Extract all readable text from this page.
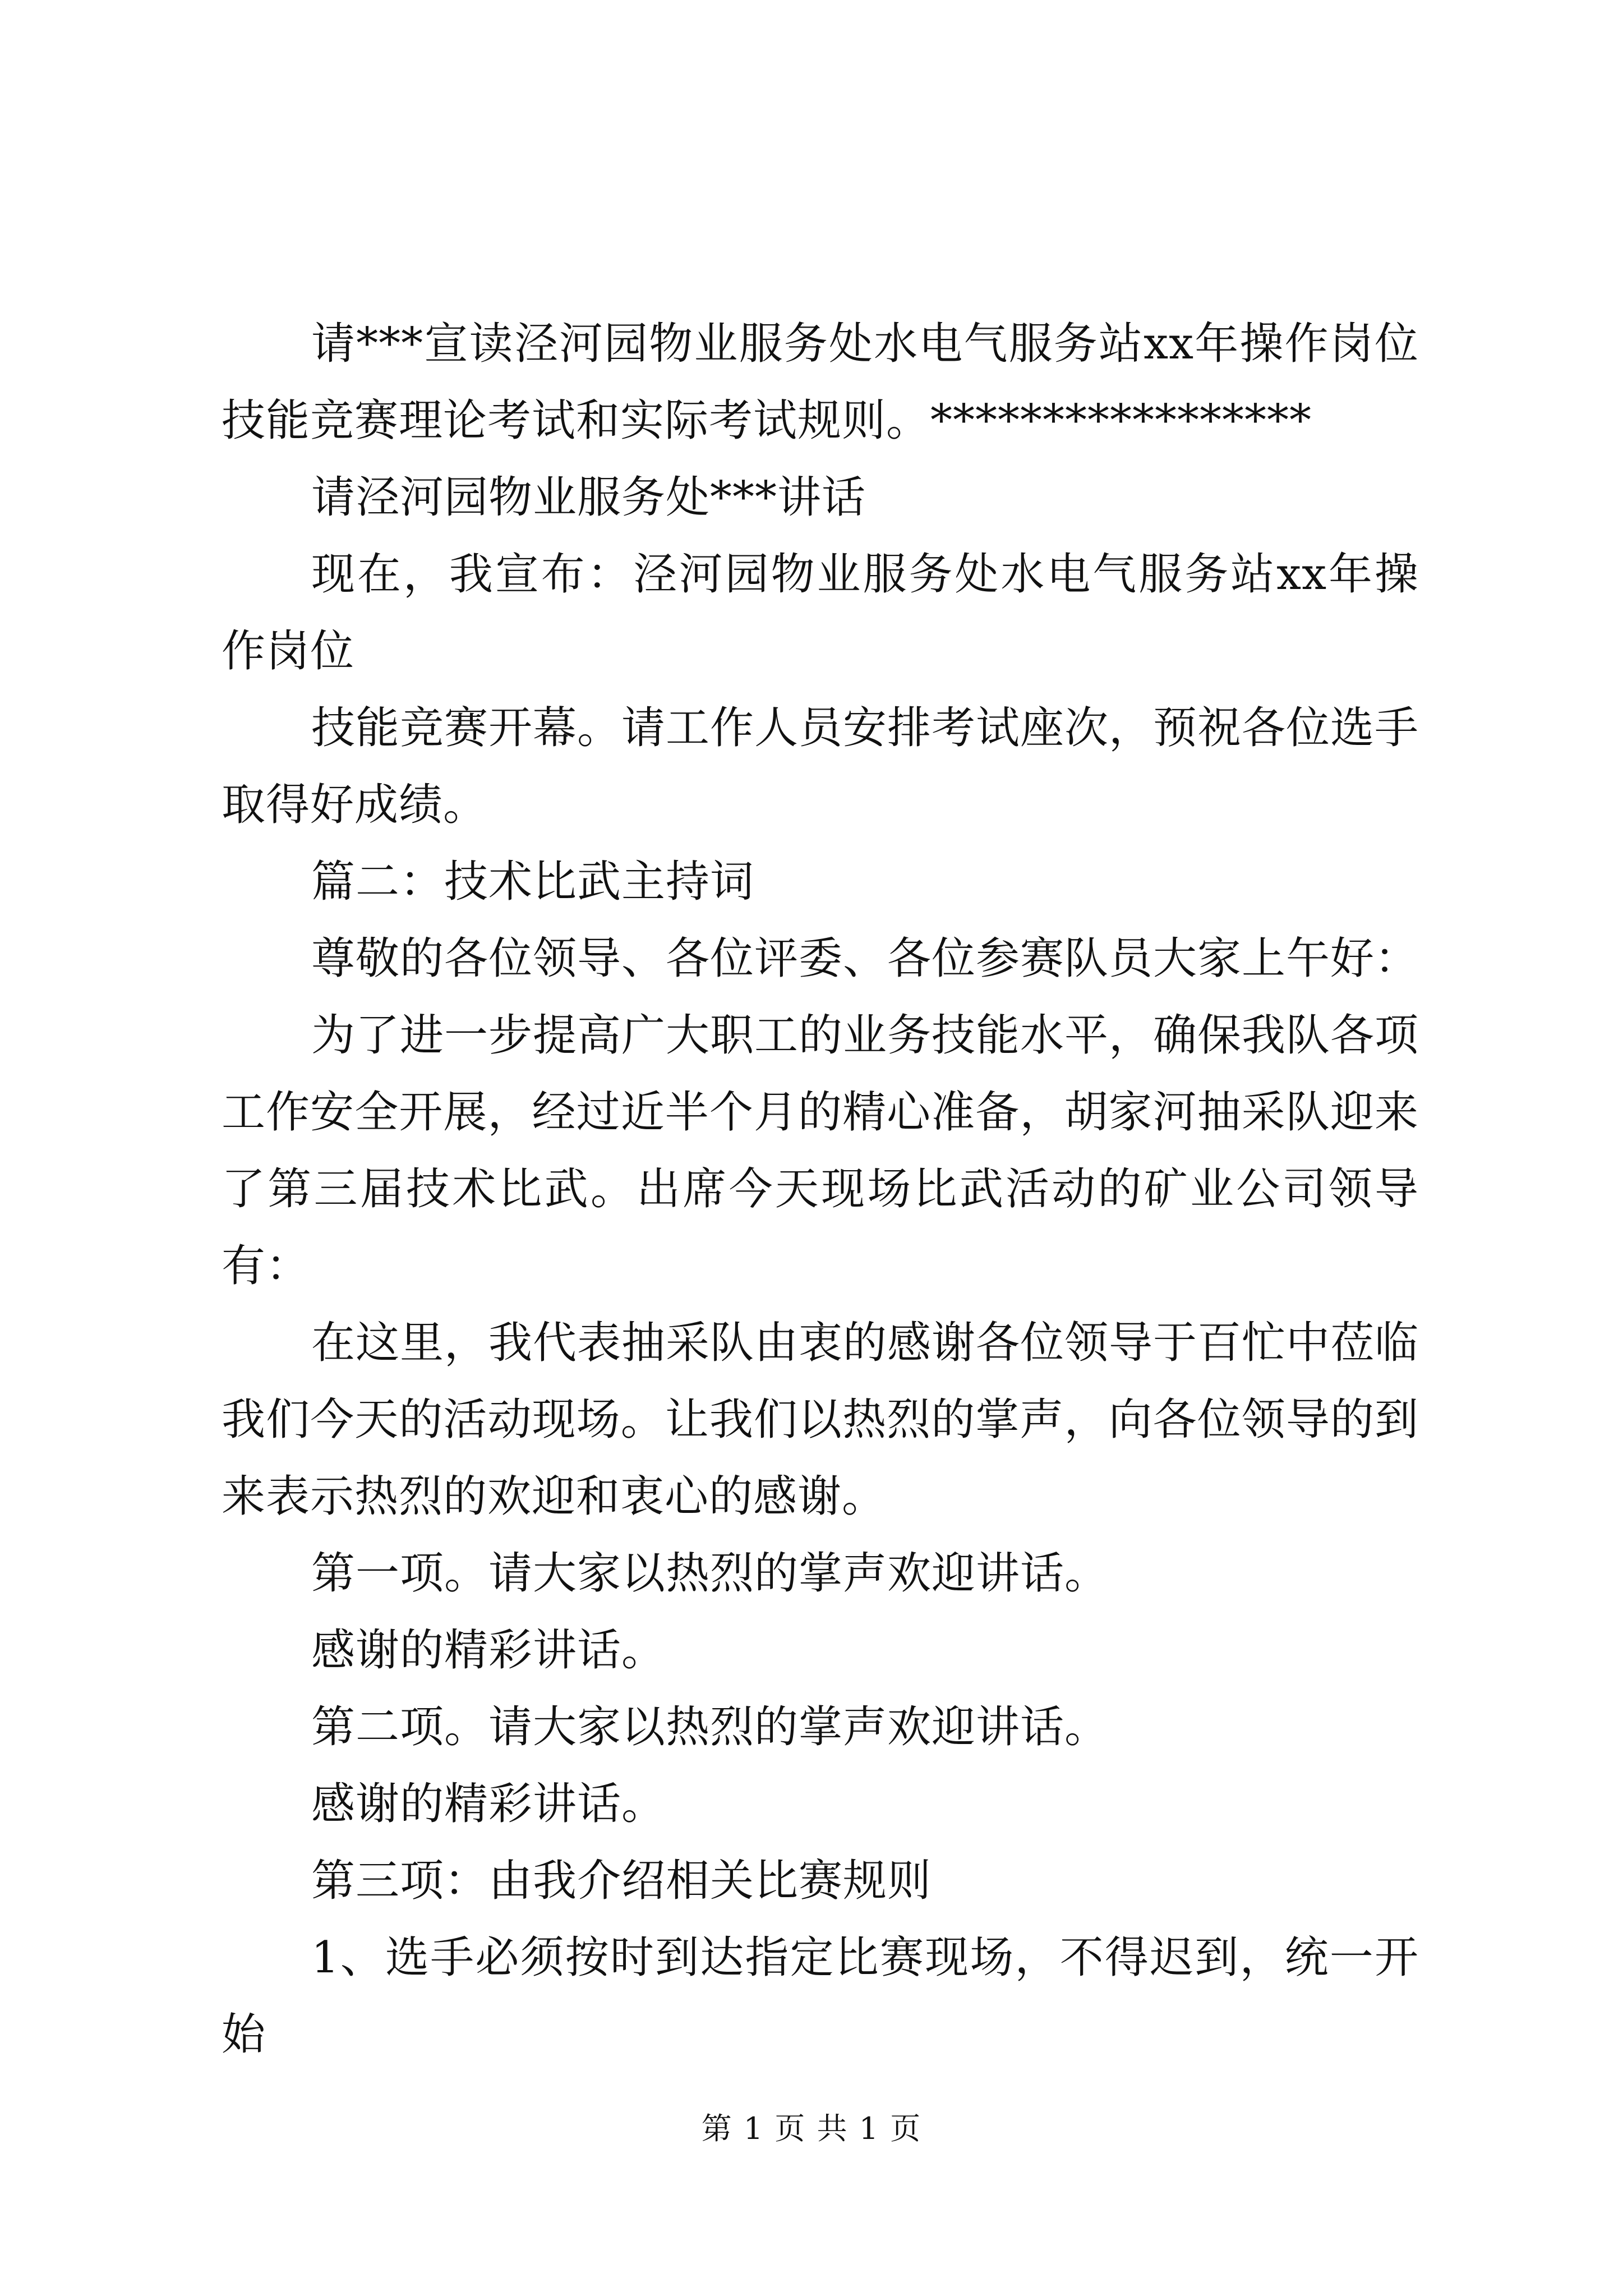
请***宣读泾河园物业服务处水电气服务站xx年操作岗位技能竞赛理论考试和实际考试规则。*****************

请泾河园物业服务处***讲话

现在，我宣布：泾河园物业服务处水电气服务站xx年操作岗位

技能竞赛开幕。请工作人员安排考试座次，预祝各位选手取得好成绩。

篇二：技术比武主持词

尊敬的各位领导、各位评委、各位参赛队员大家上午好：

为了进一步提高广大职工的业务技能水平，确保我队各项工作安全开展，经过近半个月的精心准备，胡家河抽采队迎来了第三届技术比武。出席今天现场比武活动的矿业公司领导有：

在这里，我代表抽采队由衷的感谢各位领导于百忙中莅临我们今天的活动现场。让我们以热烈的掌声，向各位领导的到来表示热烈的欢迎和衷心的感谢。

第一项。请大家以热烈的掌声欢迎讲话。

感谢的精彩讲话。

第二项。请大家以热烈的掌声欢迎讲话。

感谢的精彩讲话。

第三项：由我介绍相关比赛规则

1、选手必须按时到达指定比赛现场，不得迟到，统一开始

第 1 页 共 1 页
